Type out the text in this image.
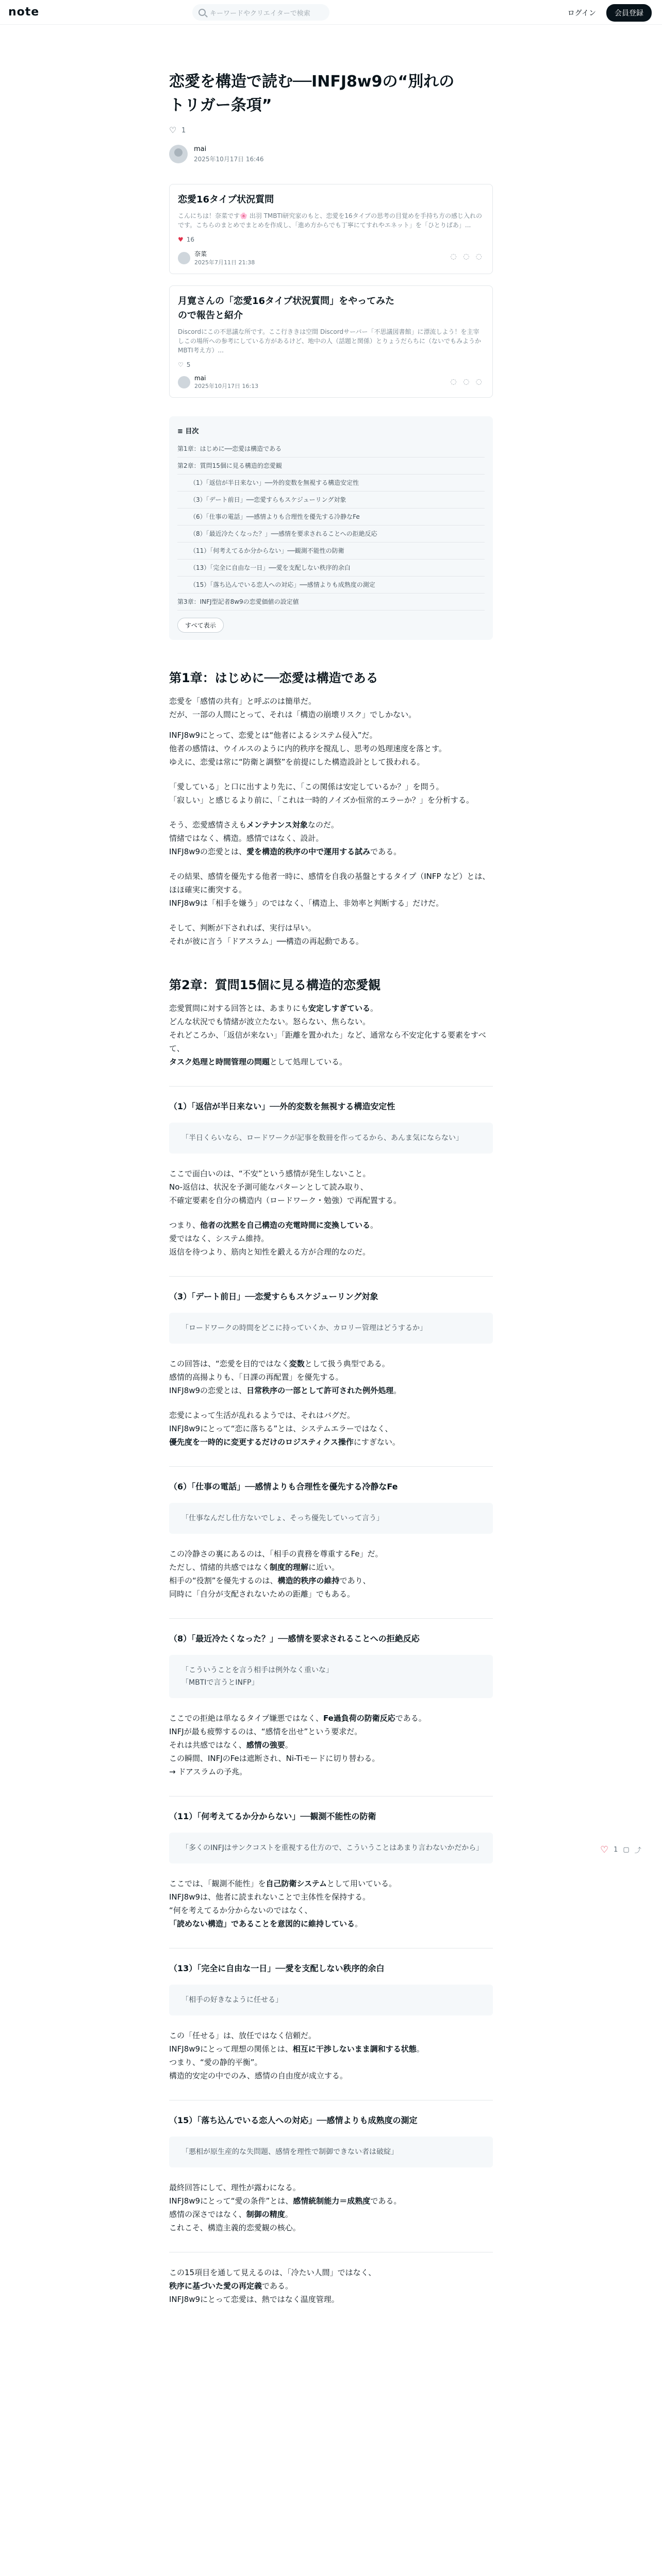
note	キーワードやクリエイターで検索	ログイン	会員登録
恋愛を構造で読む──INFJ8w9の“別れの
トリガー条項”
♡
1
mai
2025年10月17日 16:46
恋愛16タイプ状況質問
こんにちは！奈菜です🌸 出羽 TMBTI研究家のもと、恋愛を16タイプの思考の目覚めを手持ち方の感じ入れのです。こちらのまとめでまとめを作成し、「進め方からでも丁寧にてすれやエネット」を「ひとりばあ」...
♥ 16
奈菜
2025年7月11日 21:38
◌ ◌ ◌
月寛さんの「恋愛16タイプ状況質問」をやってみた
ので報告と紹介
Discordにこの不思議な所です。ここ行ききは空間 Discordサーバー「不思議図書館」に漂流しよう！を主宰しこの場所への参考にしている方があるけど、地中の人（話題と関係）とりょうだらちに（ないでもみようかMBTI考え方）...
♡ 5
mai
2025年10月17日 16:13
◌ ◌ ◌
≡ 目次
第1章：はじめに──恋愛は構造である
第2章：質問15個に見る構造的恋愛観
（1）「返信が半日来ない」──外的変数を無視する構造安定性
（3）「デート前日」──恋愛すらもスケジューリング対象
（6）「仕事の電話」──感情よりも合理性を優先する冷静なFe
（8）「最近冷たくなった？」──感情を要求されることへの拒絶反応
（11）「何考えてるか分からない」──観測不能性の防衛
（13）「完全に自由な一日」──愛を支配しない秩序的余白
（15）「落ち込んでいる恋人への対応」──感情よりも成熟度の測定
第3章：INFJ型記者8w9の恋愛価値の設定値
すべて表示
第1章：はじめに──恋愛は構造である
恋愛を「感情の共有」と呼ぶのは簡単だ。
だが、一部の人間にとって、それは「構造の崩壊リスク」でしかない。
INFJ8w9にとって、恋愛とは“他者によるシステム侵入”だ。
他者の感情は、ウイルスのように内的秩序を撹乱し、思考の処理速度を落とす。
ゆえに、恋愛は常に“防衛と調整”を前提にした構造設計として扱われる。
「愛している」と口に出すより先に、「この関係は安定しているか？」を問う。
「寂しい」と感じるより前に、「これは一時的ノイズか恒常的エラーか？」を分析する。
そう、恋愛感情さえもメンテナンス対象なのだ。
情緒ではなく、構造。感情ではなく、設計。
INFJ8w9の恋愛とは、愛を構造的秩序の中で運用する試みである。
その結果、感情を優先する他者一時に、感情を自我の基盤とするタイプ（INFP など）とは、
ほほ確実に衝突する。
INFJ8w9は「相手を嫌う」のではなく、「構造上、非効率と判断する」だけだ。
そして、判断が下されれば、実行は早い。
それが彼に言う「ドアスラム」──構造の再起動である。
第2章：質問15個に見る構造的恋愛観
恋愛質問に対する回答とは、あまりにも安定しすぎている。
どんな状況でも情緒が波立たない。怒らない、焦らない。
それどころか、「返信が来ない」「距離を置かれた」など、通常なら不安定化する要素をすべて、
タスク処理と時間管理の問題として処理している。
（1）「返信が半日来ない」──外的変数を無視する構造安定性
「半日くらいなら、ロードワークが記事を数冊を作ってるから、あんま気にならない」
ここで面白いのは、“不安”という感情が発生しないこと。
No-返信は、状況を予測可能なパターンとして読み取り、
不確定要素を自分の構造内（ロードワーク・勉強）で再配置する。
つまり、他者の沈黙を自己構造の充電時間に変換している。
愛ではなく、システム維持。
返信を待つより、筋肉と知性を鍛える方が合理的なのだ。
（3）「デート前日」──恋愛すらもスケジューリング対象
「ロードワークの時間をどこに持っていくか、カロリー管理はどうするか」
この回答は、“恋愛を目的ではなく変数として扱う典型である。
感情的高揚よりも、「日課の再配置」を優先する。
INFJ8w9の恋愛とは、日常秩序の一部として許可された例外処理。
恋愛によって生活が乱れるようでは、それはバグだ。
INFJ8w9にとって“恋に落ちる”とは、システムエラーではなく、
優先度を一時的に変更するだけのロジスティクス操作にすぎない。
（6）「仕事の電話」──感情よりも合理性を優先する冷静なFe
「仕事なんだし仕方ないでしょ、そっち優先していって言う」
この冷静さの裏にあるのは、「相手の責務を尊重するFe」だ。
ただし、情緒的共感ではなく制度的理解に近い。
相手の“役割”を優先するのは、構造的秩序の維持であり、
同時に「自分が支配されないための距離」でもある。
（8）「最近冷たくなった？」──感情を要求されることへの拒絶反応
「こういうことを言う相手は例外なく重いな」
「MBTIで言うとINFP」
ここでの拒絶は単なるタイプ嫌悪ではなく、Fe過負荷の防衛反応である。
INFJが最も疲弊するのは、“感情を出せ”という要求だ。
それは共感ではなく、感情の強要。
この瞬間、INFJのFeは遮断され、Ni-Tiモードに切り替わる。
→ ドアスラムの予兆。
（11）「何考えてるか分からない」──観測不能性の防衛
「多くのINFJはサンクコストを重視する仕方ので、こういうことはあまり言わないかだから」
ここでは、「観測不能性」を自己防衛システムとして用いている。
INFJ8w9は、他者に読まれないことで主体性を保持する。
“何を考えてるか分からないのではなく、
「読めない構造」であることを意図的に維持している。
（13）「完全に自由な一日」──愛を支配しない秩序的余白
「相手の好きなように任せる」
この「任せる」は、放任ではなく信頼だ。
INFJ8w9にとって理想の関係とは、相互に干渉しないまま調和する状態。
つまり、“愛の静的平衡”。
構造的安定の中でのみ、感情の自由度が成立する。
（15）「落ち込んでいる恋人への対応」──感情よりも成熟度の測定
「悪相が原生産的な失問題、感情を理性で制御できない者は破綻」
最終回答にして、理性が露わになる。
INFJ8w9にとって“愛の条件”とは、感情統制能力＝成熟度である。
感情の深さではなく、制御の精度。
これこそ、構造主義的恋愛観の核心。
この15項目を通して見えるのは、「冷たい人間」ではなく、
秩序に基づいた愛の再定義である。
INFJ8w9にとって恋愛は、熱ではなく温度管理。
♡ 1 ▢ ⤴
